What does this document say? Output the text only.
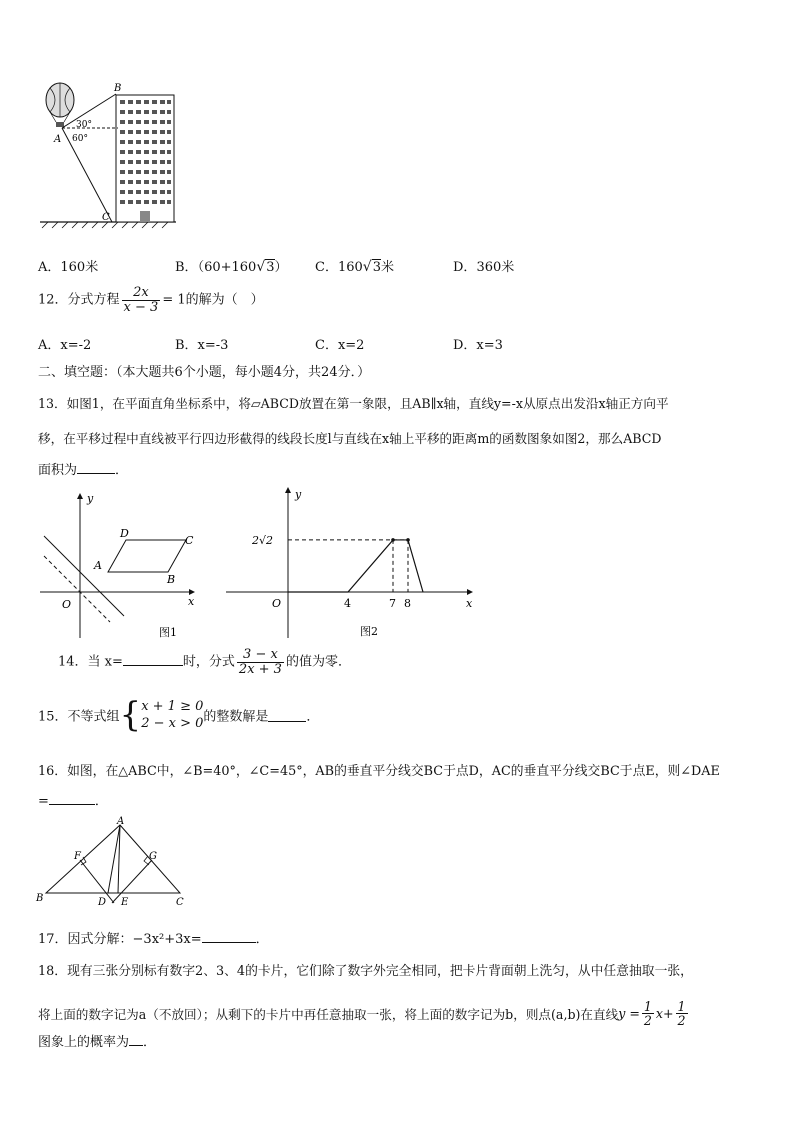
B
A
C
30°
60°
A．160米	B．（60+160√3） C．160√3米	D．360米
12．分式方程 $\frac{2x}{x - 3} = 1$的解为（　）
A．x=-2	B．x=-3	C．x=2	D．x=3
二、填空题：（本大题共6个小题，每小题4分，共24分．）
13．如图1，在平面直角坐标系中，将▱ABCD放置在第一象限，且AB∥x轴，直线y=-x从原点出发沿x轴正方向平
移，在平移过程中直线被平行四边形截得的线段长度l与直线在x轴上平移的距离m的函数图象如图2，那么ABCD
面积为	．
y
x
O
A
B
C
D
图1
y
x
O
图2
4	7 8
2√2
14．当 x=	时，分式 $\frac{3 - x}{2x + 3}$ 的值为零．
15．不等式组{ x + 1 ≥ 0
2 − x > 0 的整数解是	．
16．如图，在△ABC中，∠B=40°，∠C=45°，AB的垂直平分线交BC于点D，AC的垂直平分线交BC于点E，则∠DAE
=	．
A
B	C
D E
F	G
17．因式分解：−3x²+3x=	．
18．现有三张分别标有数字2、3、4的卡片，它们除了数字外完全相同，把卡片背面朝上洗匀，从中任意抽取一张，
将上面的数字记为a（不放回）；从剩下的卡片中再任意抽取一张，将上面的数字记为b，则点(a,b)在直线$y = \frac{1}{2} x+ \frac{1}{2}$
图象上的概率为 ．
